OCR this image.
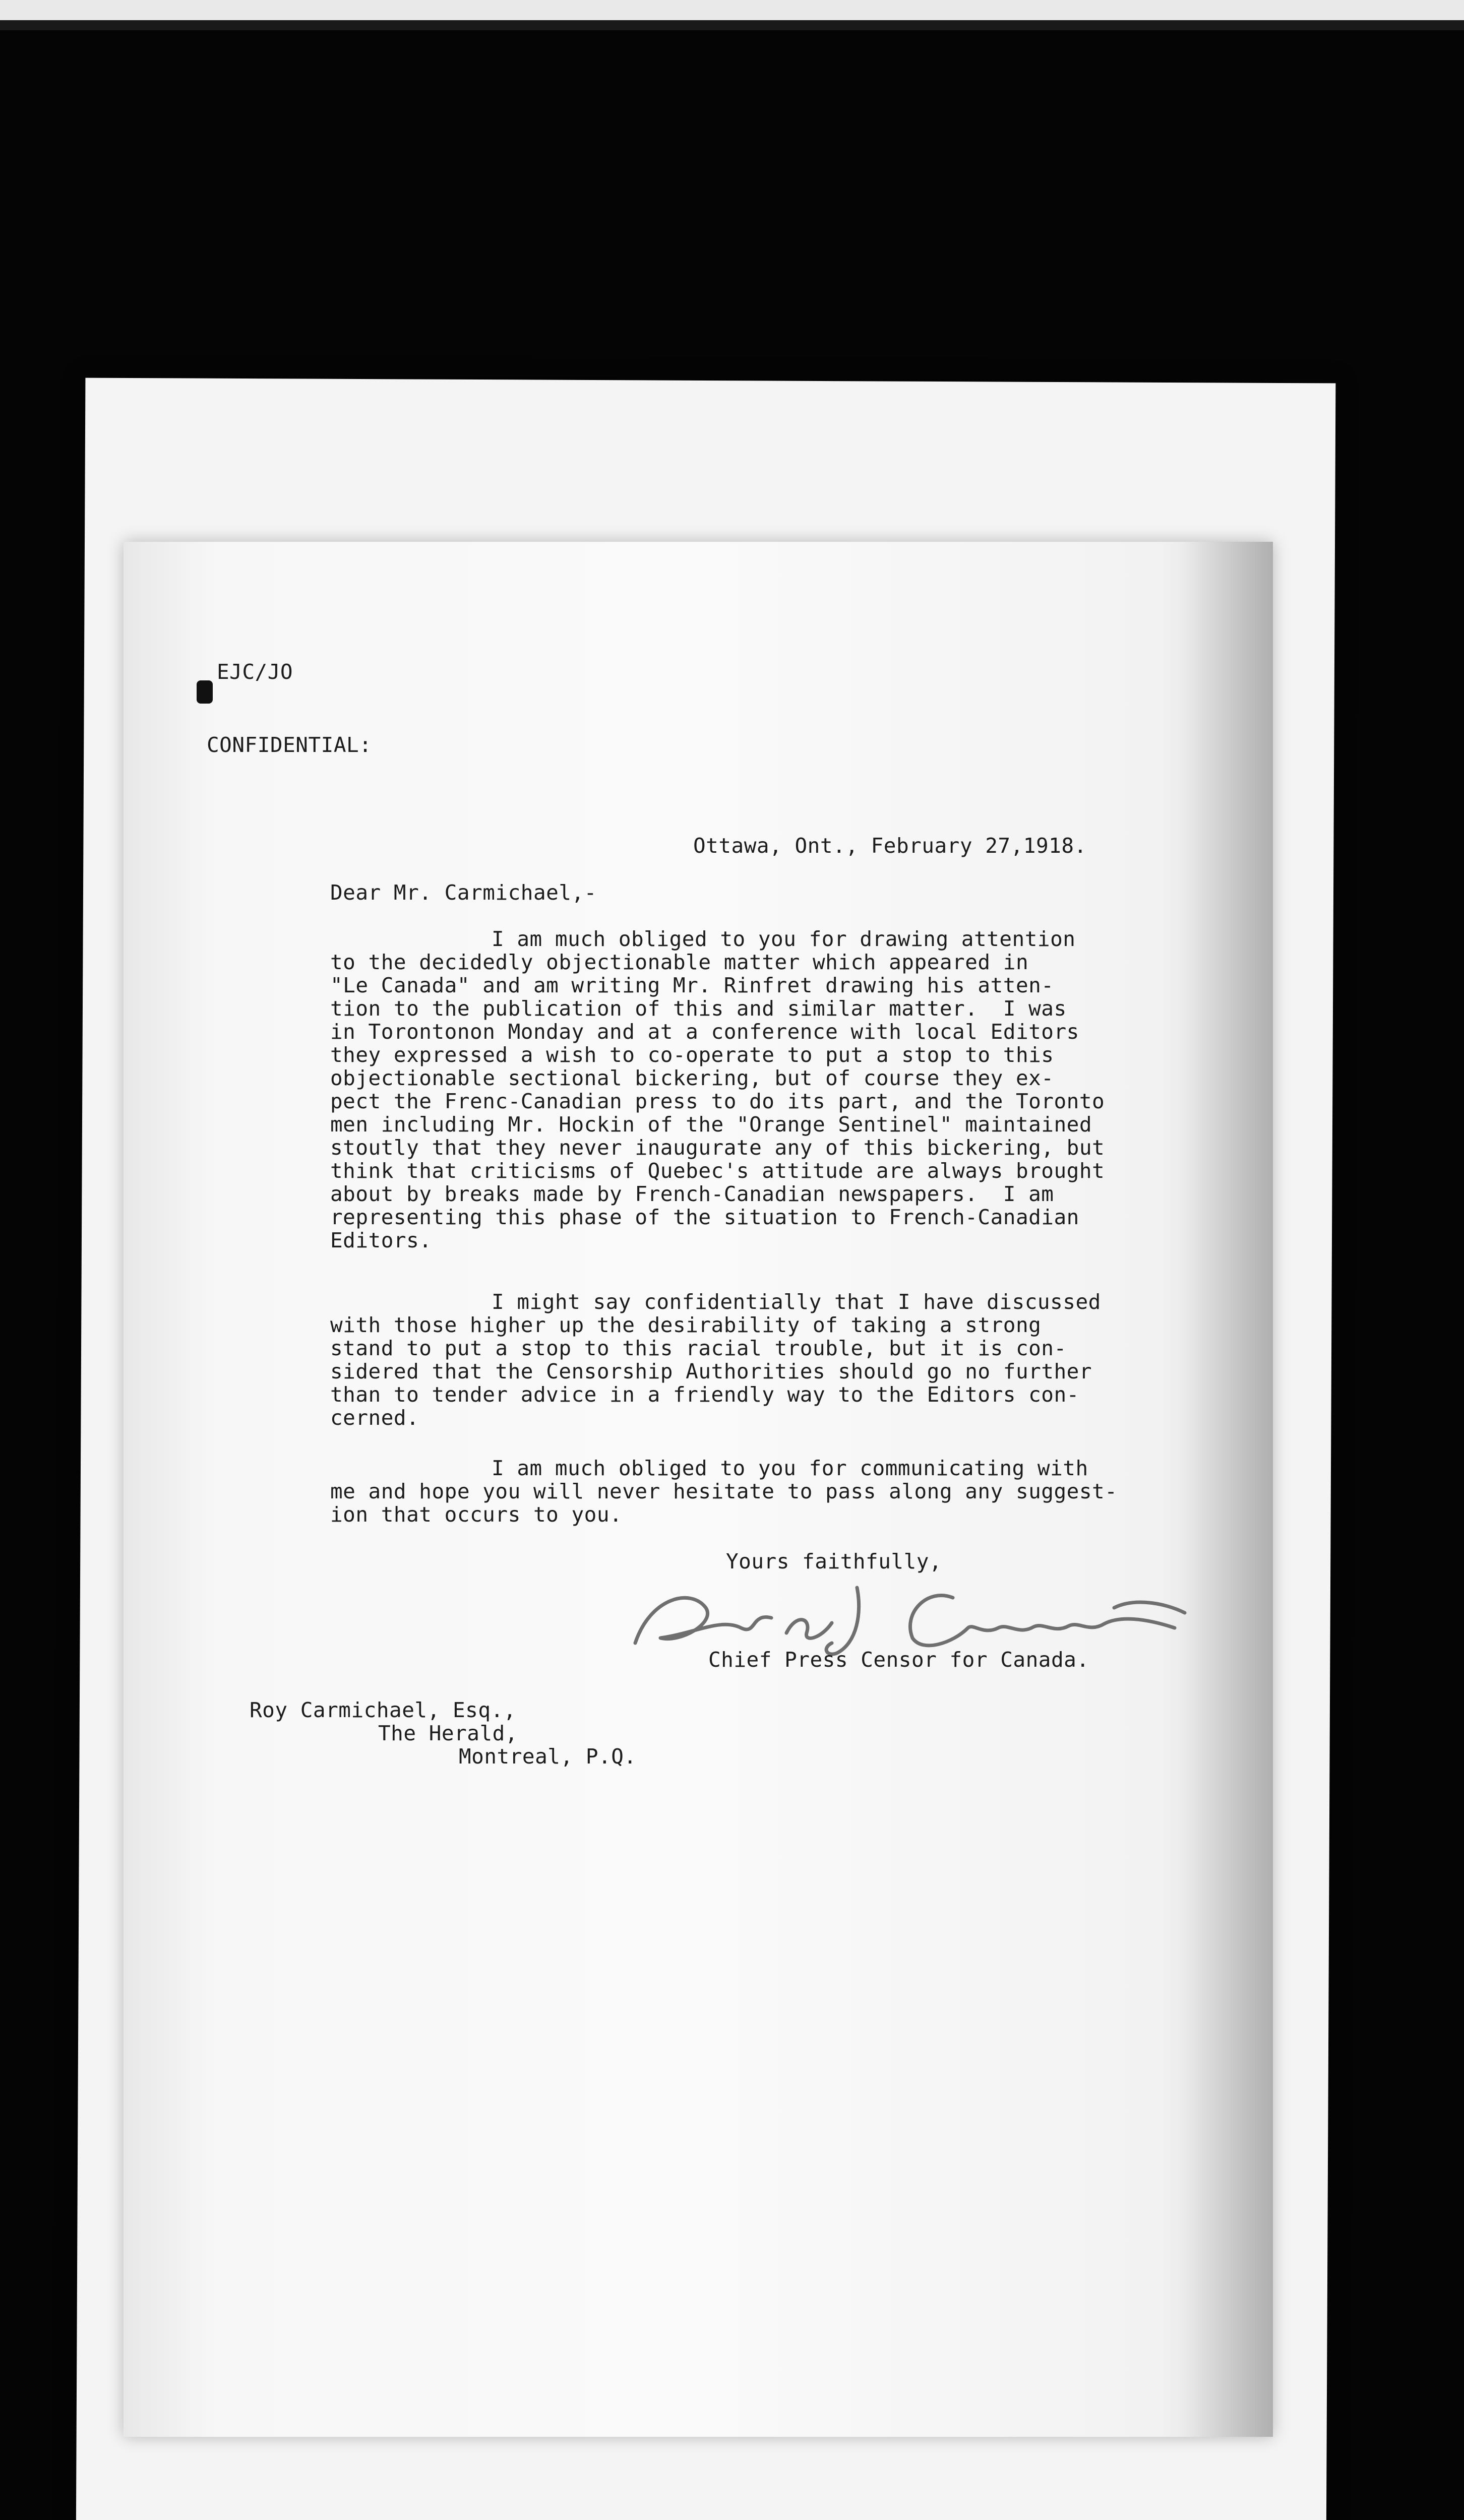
EJC/JO

CONFIDENTIAL:

Ottawa, Ont., February 27,1918.

Dear Mr. Carmichael,-

I am much obliged to you for drawing attention

to the decidedly objectionable matter which appeared in

"Le Canada" and am writing Mr. Rinfret drawing his atten-

tion to the publication of this and similar matter.  I was

in Torontonon Monday and at a conference with local Editors

they expressed a wish to co-operate to put a stop to this

objectionable sectional bickering, but of course they ex-

pect the Frenc-Canadian press to do its part, and the Toronto

men including Mr. Hockin of the "Orange Sentinel" maintained

stoutly that they never inaugurate any of this bickering, but

think that criticisms of Quebec's attitude are always brought

about by breaks made by French-Canadian newspapers.  I am

representing this phase of the situation to French-Canadian

Editors.

I might say confidentially that I have discussed

with those higher up the desirability of taking a strong

stand to put a stop to this racial trouble, but it is con-

sidered that the Censorship Authorities should go no further

than to tender advice in a friendly way to the Editors con-

cerned.

I am much obliged to you for communicating with

me and hope you will never hesitate to pass along any suggest-

ion that occurs to you.

Yours faithfully,

Chief Press Censor for Canada.

Roy Carmichael, Esq.,

The Herald,

Montreal, P.Q.
